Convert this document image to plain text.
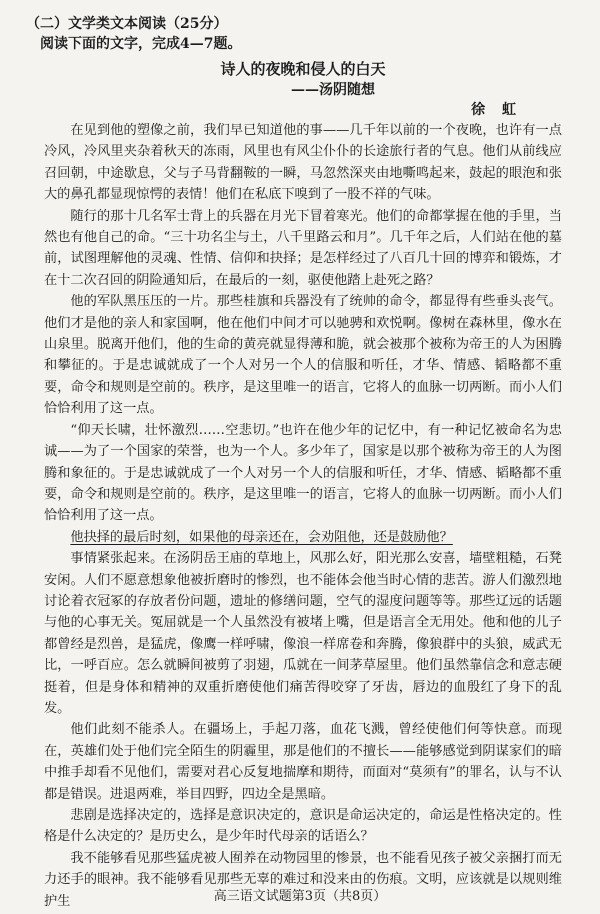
（二）文学类文本阅读（25分）
阅读下面的文字，完成4—7题。
诗人的夜晚和侵人的白天
——汤阴随想
徐 虹

在见到他的塑像之前，我们早已知道他的事——几千年以前的一个夜晚，也许有一点冷风，冷风里夹杂着秋天的冻雨，风里也有风尘仆仆的长途旅行者的气息。他们从前线应召回朝，中途歇息，父与子马背翻鞍的一瞬，马忽然深夹由地嘶鸣起来，鼓起的眼泡和张大的鼻孔都显现惊愕的表情！他们在私底下嗅到了一股不祥的气味。

随行的那十几名军士背上的兵器在月光下冒着寒光。他们的命都掌握在他的手里，当然也有他自己的命。“三十功名尘与土，八千里路云和月”。几千年之后，人们站在他的墓前，试图理解他的灵魂、性情、信仰和抉择；是怎样经过了八百几十回的博弈和锻炼，才在十二次召回的阴险通知后，在最后的一刻，驱使他踏上赴死之路？

他的军队黑压压的一片。那些桂旗和兵器没有了统帅的命令，都显得有些垂头丧气。他们才是他的亲人和家国啊，他在他们中间才可以驰骋和欢悦啊。像树在森林里，像水在山泉里。脱离开他们，他的生命的黄亮就显得薄和脆，就会被那个被称为帝王的人为困腾和攀征的。于是忠诚就成了一个人对另一个人的信服和听任，才华、情感、韬略都不重要，命令和规则是空前的。秩序，是这里唯一的语言，它将人的血脉一切两断。而小人们恰恰利用了这一点。

“仰天长啸，壮怀激烈……空悲切。”也许在他少年的记忆中，有一种记忆被命名为忠诚——为了一个国家的荣誉，也为一个人。多少年了，国家是以那个被称为帝王的人为图腾和象征的。于是忠诚就成了一个人对另一个人的信服和听任，才华、情感、韬略都不重要，命令和规则是空前的。秩序，是这里唯一的语言，它将人的血脉一切两断。而小人们恰恰利用了这一点。

他抉择的最后时刻，如果他的母亲还在，会劝阻他，还是鼓励他？

事情紧张起来。在汤阴岳王庙的草地上，风那么好，阳光那么安喜，墙壁粗糙，石凳安闲。人们不愿意想象他被折磨时的惨烈，也不能体会他当时心情的悲苦。游人们激烈地讨论着衣冠冢的存放者份问题，遗址的修缮问题，空气的湿度问题等等。那些辽远的话题与他的心事无关。冤屈就是一个人虽然没有被堵上嘴，但是语言全无用处。他和他的儿子都曾经是烈兽，是猛虎，像鹰一样呼啸，像浪一样席卷和奔腾，像狼群中的头狼，威武无比，一呼百应。怎么就瞬间被剪了羽翅，瓜就在一间茅草屋里。他们虽然靠信念和意志硬挺着，但是身体和精神的双重折磨使他们痛苦得咬穿了牙齿，唇边的血殷红了身下的乱发。

他们此刻不能杀人。在疆场上，手起刀落，血花飞溅，曾经使他们何等快意。而现在，英雄们处于他们完全陌生的阴霾里，那是他们的不擅长——能够感觉到阴谋家们的暗中推手却看不见他们，需要对君心反复地揣摩和期待，而面对“莫须有”的罪名，认与不认都是错误。进退两难，举目四野，四边全是黑暗。

悲剧是选择决定的，选择是意识决定的，意识是命运决定的，命运是性格决定的。性格是什么决定的？是历史么，是少年时代母亲的话语么？

我不能够看见那些猛虎被人囿养在动物园里的惨景，也不能看见孩子被父亲捆打而无力还手的眼神。我不能够看见那些无辜的难过和没来由的伤痕。文明，应该就是以规则维护生	高三语文试题第3页（共8页）
